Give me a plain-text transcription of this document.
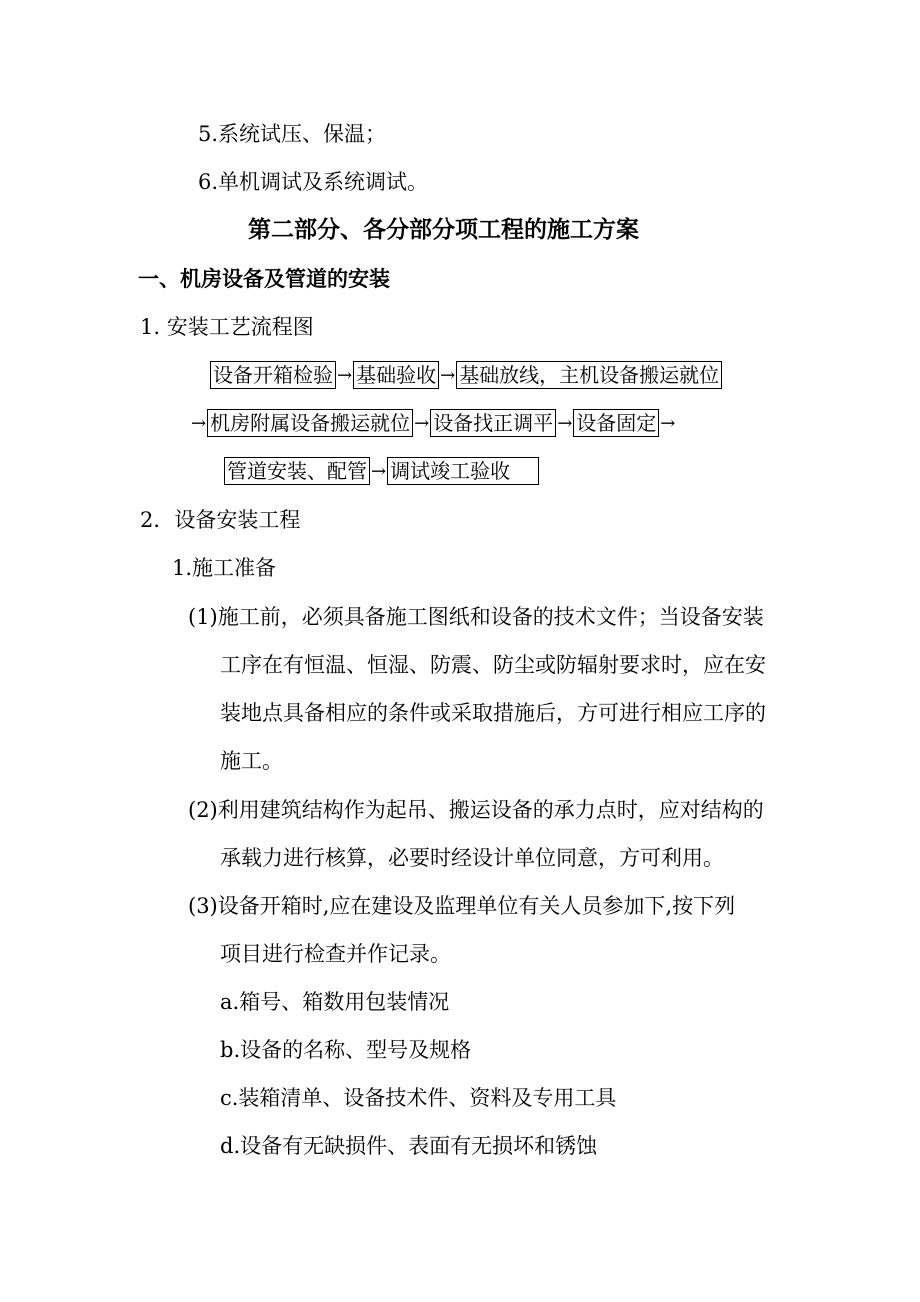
5.系统试压、保温；
6.单机调试及系统调试。
第二部分、各分部分项工程的施工方案
一、机房设备及管道的安装
1. 安装工艺流程图
设备开箱检验 → 基础验收 → 基础放线，主机设备搬运就位
→ 机房附属设备搬运就位 → 设备找正调平 → 设备固定 →
管道安装、配管 → 调试竣工验收
2．设备安装工程
1.施工准备
(1)施工前，必须具备施工图纸和设备的技术文件；当设备安装
工序在有恒温、恒湿、防震、防尘或防辐射要求时，应在安
装地点具备相应的条件或采取措施后，方可进行相应工序的
施工。
(2)利用建筑结构作为起吊、搬运设备的承力点时，应对结构的
承载力进行核算，必要时经设计单位同意，方可利用。
(3)设备开箱时,应在建设及监理单位有关人员参加下,按下列
项目进行检查并作记录。
a.箱号、箱数用包装情况
b.设备的名称、型号及规格
c.装箱清单、设备技术件、资料及专用工具
d.设备有无缺损件、表面有无损坏和锈蚀
